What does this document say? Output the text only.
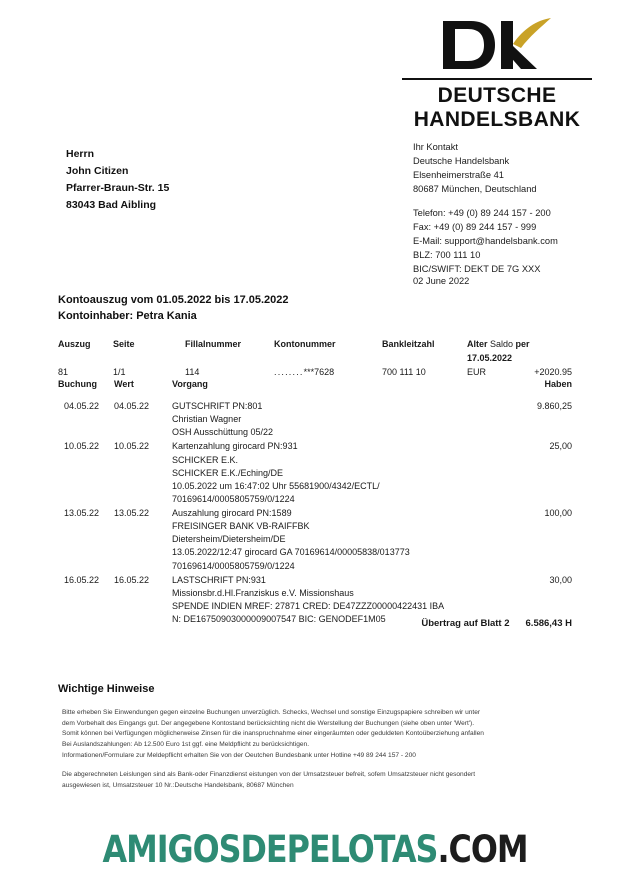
DEUTSCHE
HANDELSBANK
Herrn
John Citizen
Pfarrer-Braun-Str. 15
83043 Bad Aibling
Ihr Kontakt
Deutsche Handelsbank
Elsenheimerstraße 41
80687 München, Deutschland
Telefon: +49 (0) 89 244 157 - 200
Fax: +49 (0) 89 244 157 - 999
E-Mail: support@handelsbank.com
BLZ: 700 111 10
BIC/SWIFT: DEKT DE 7G XXX
02 June 2022
Kontoauszug vom 01.05.2022 bis 17.05.2022
Kontoinhaber: Petra Kania
Auszug	Seite	Fillalnummer	Kontonummer	Bankleitzahl	Alter Saldo per 17.05.2022
81	1/1	114	........***7628	700 111 10	EUR	+2020.95
Buchung	Wert	Vorgang	Haben
04.05.22	04.05.22	GUTSCHRIFT PN:801
Christian Wagner
OSH Ausschüttung 05/22
9.860,25
10.05.22	10.05.22	Kartenzahlung girocard PN:931
SCHICKER E.K.
SCHICKER E.K./Eching/DE
10.05.2022 um 16:47:02 Uhr 55681900/4342/ECTL/
70169614/0005805759/0/1224
25,00
13.05.22	13.05.22	Auszahlung girocard PN:1589
FREISINGER BANK VB-RAIFFBK
Dietersheim/Dietersheim/DE
13.05.2022/12:47 girocard GA 70169614/00005838/013773
70169614/0005805759/0/1224
100,00
16.05.22	16.05.22	LASTSCHRIFT PN:931
Missionsbr.d.Hl.Franziskus e.V. Missionshaus
SPENDE INDIEN MREF: 27871 CRED: DE47ZZZ00000422431 IBA
N: DE16750903000009007547 BIC: GENODEF1M05
30,00
Übertrag auf Blatt 2 6.586,43 H
Wichtige Hinweise

Bitte erheben Sie Einwendungen gegen einzelne Buchungen unverzüglich. Schecks, Wechsel und sonstige Einzugspapiere schreiben wir unter

dem Vorbehalt des Eingangs gut. Der angegebene Kontostand berücksichting nicht die Werstellung der Buchungen (siehe oben unter 'Wert').

Somit können bei Verfügungen möglicherweise Zinsen für die inanspruchnahme einer eingeräumten oder geduldeten Kontoüberziehung anfallen

Bei Auslandszahlungen: Ab 12.500 Euro 1st ggf. eine Meldpflicht zu berücksichtigen.

Informationen/Formulare zur Meldepflicht erhalten Sie von der Oeutchen Bundesbank unter Hotline +49 89 244 157 - 200

Die abgerechneten Leislungen sind als Bank-oder Finanzdienst eistungen von der Umsatzsteuer befreit, sofem Umsatzsteuer nicht gesondert

ausgewiesen ist, Umsatzsteuer 10 Nr.:Deutsche Handelsbank, 80687 München

AMIGOSDEPELOTAS.COM
